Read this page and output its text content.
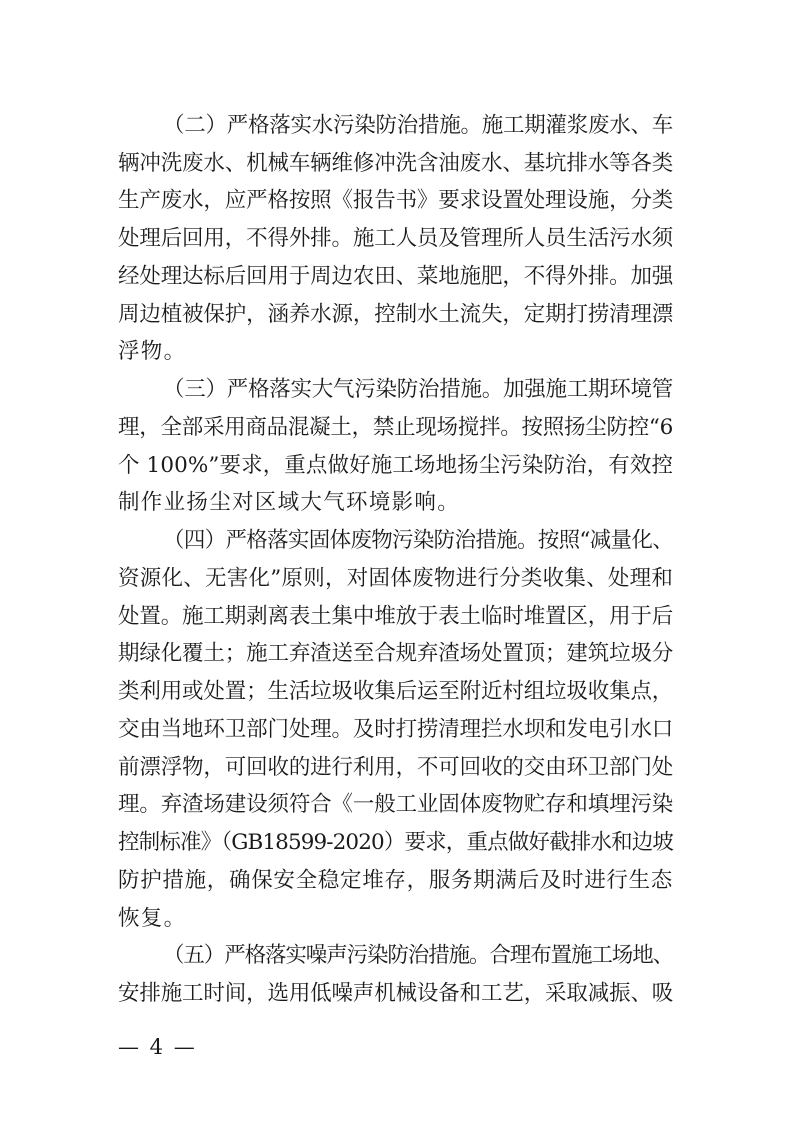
（二）严格落实水污染防治措施。施工期灌浆废水、车
辆冲洗废水、机械车辆维修冲洗含油废水、基坑排水等各类
生产废水，应严格按照《报告书》要求设置处理设施，分类
处理后回用，不得外排。施工人员及管理所人员生活污水须
经处理达标后回用于周边农田、菜地施肥，不得外排。加强
周边植被保护，涵养水源，控制水土流失，定期打捞清理漂
浮物。
（三）严格落实大气污染防治措施。加强施工期环境管
理，全部采用商品混凝土，禁止现场搅拌。按照扬尘防控“6
个 100%”要求，重点做好施工场地扬尘污染防治，有效控
制作业扬尘对区域大气环境影响。
（四）严格落实固体废物污染防治措施。按照“减量化、
资源化、无害化”原则，对固体废物进行分类收集、处理和
处置。施工期剥离表土集中堆放于表土临时堆置区，用于后
期绿化覆土；施工弃渣送至合规弃渣场处置顶；建筑垃圾分
类利用或处置；生活垃圾收集后运至附近村组垃圾收集点，
交由当地环卫部门处理。及时打捞清理拦水坝和发电引水口
前漂浮物，可回收的进行利用，不可回收的交由环卫部门处
理。弃渣场建设须符合《一般工业固体废物贮存和填埋污染
控制标准》（GB18599-2020）要求，重点做好截排水和边坡
防护措施，确保安全稳定堆存，服务期满后及时进行生态
恢复。
（五）严格落实噪声污染防治措施。合理布置施工场地、
安排施工时间，选用低噪声机械设备和工艺，采取减振、吸
— 4 —
